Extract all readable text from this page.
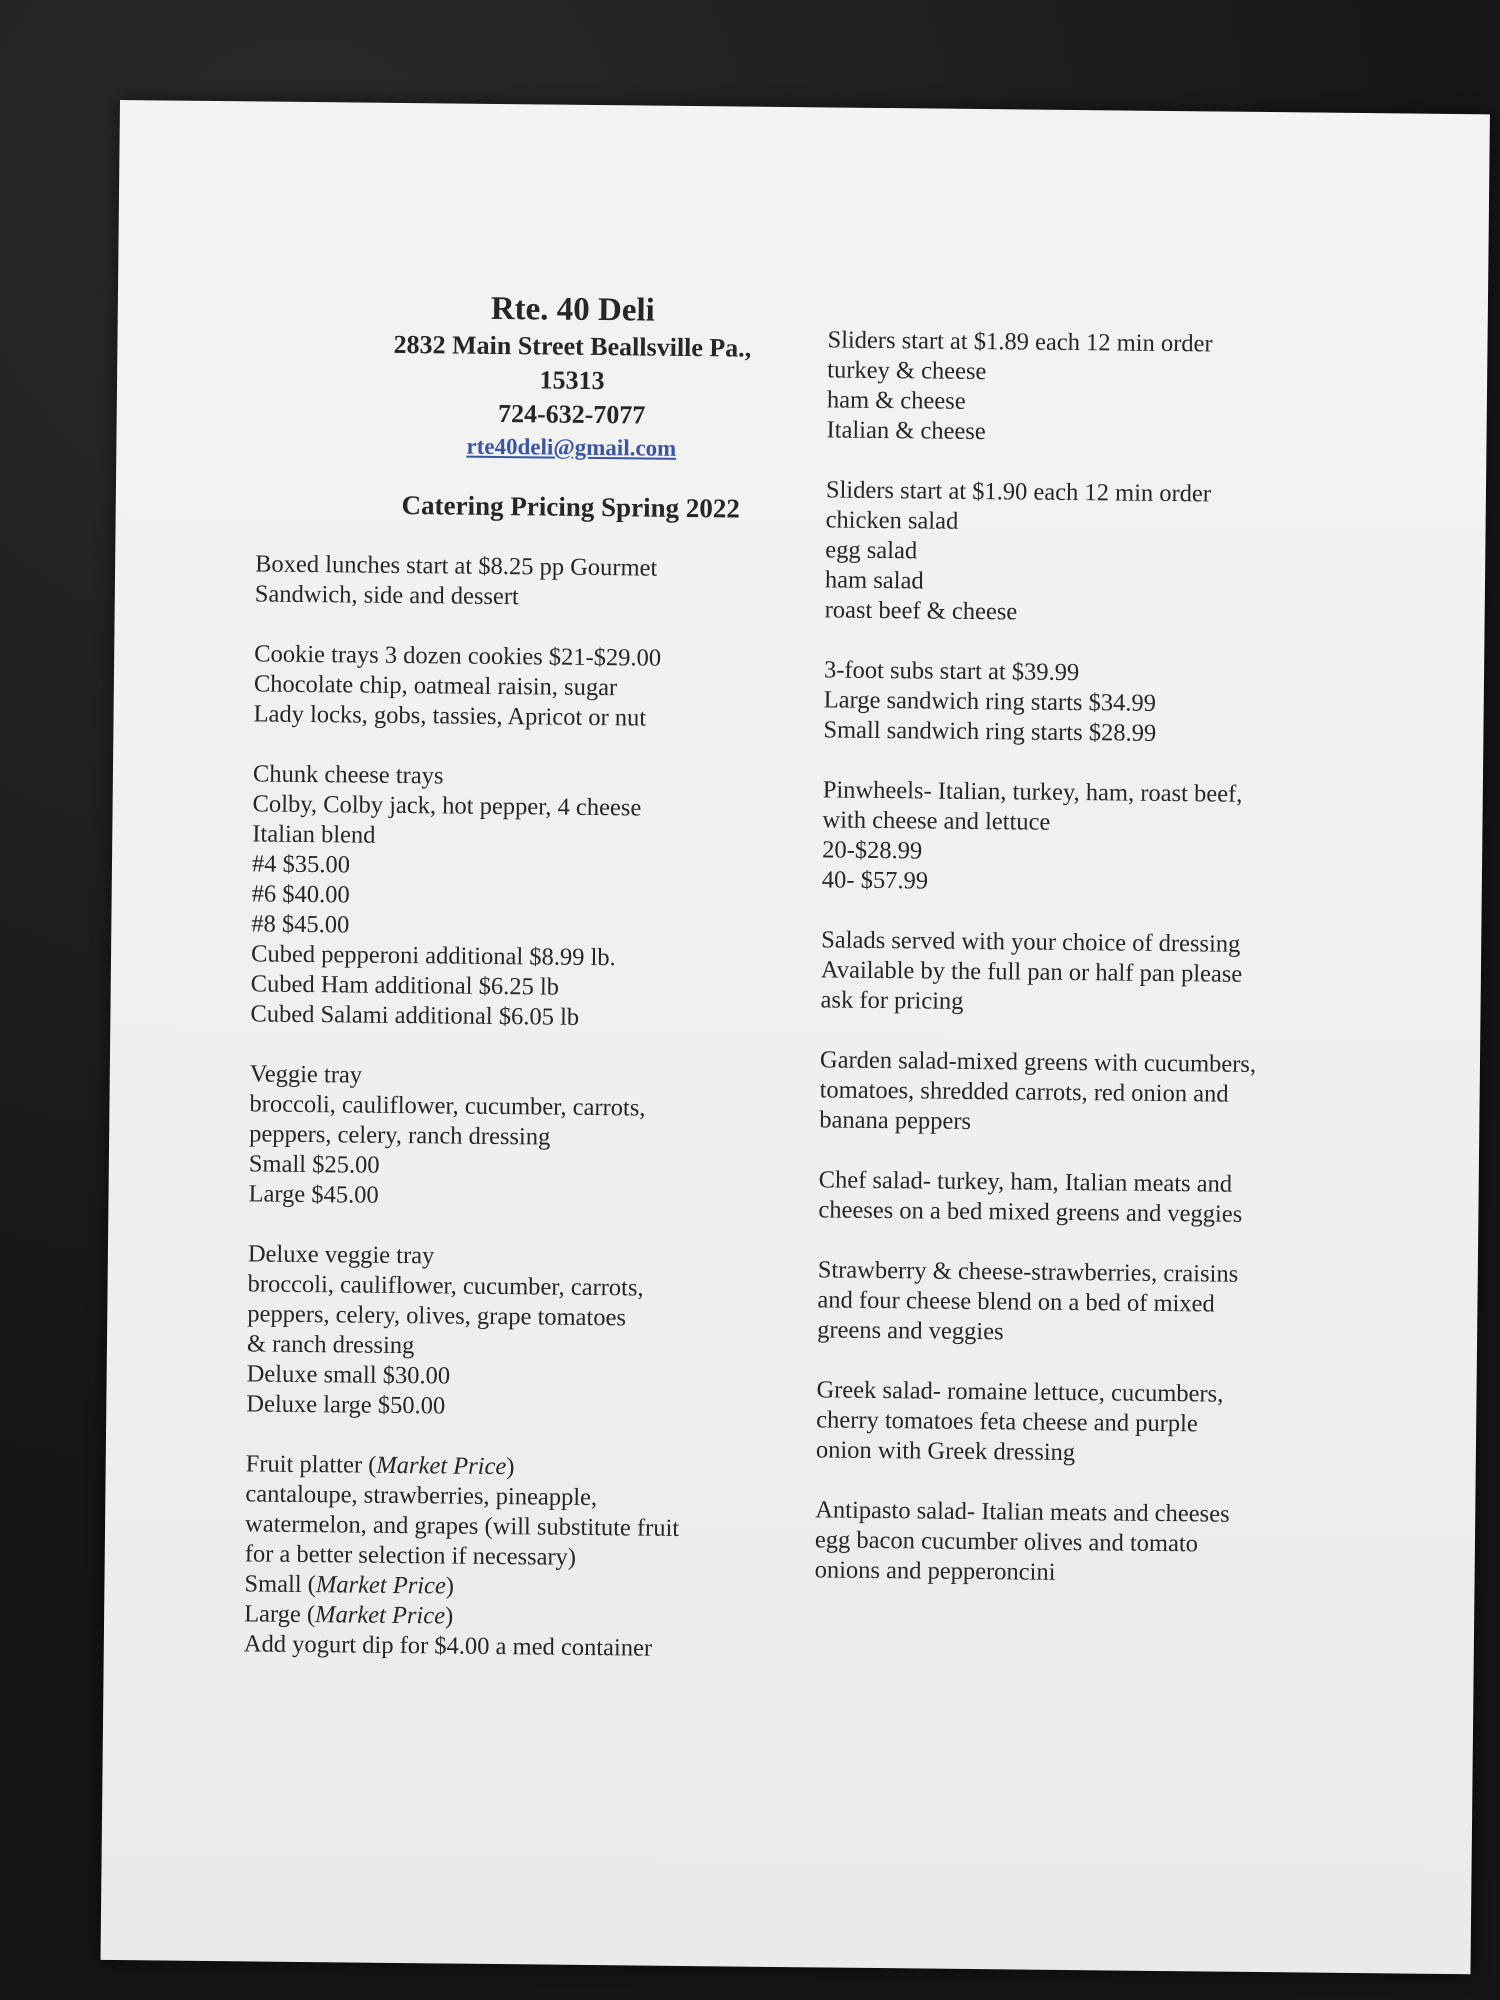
Rte. 40 Deli
2832 Main Street Beallsville Pa.,
15313
724-632-7077
rte40deli@gmail.com
Catering Pricing Spring 2022
Boxed lunches start at $8.25 pp Gourmet
Sandwich, side and dessert
Cookie trays 3 dozen cookies $21-$29.00
Chocolate chip, oatmeal raisin, sugar
Lady locks, gobs, tassies, Apricot or nut
Chunk cheese trays
Colby, Colby jack, hot pepper, 4 cheese
Italian blend
#4 $35.00
#6 $40.00
#8 $45.00
Cubed pepperoni additional $8.99 lb.
Cubed Ham additional $6.25 lb
Cubed Salami additional $6.05 lb
Veggie tray
broccoli, cauliflower, cucumber, carrots,
peppers, celery, ranch dressing
Small $25.00
Large $45.00
Deluxe veggie tray
broccoli, cauliflower, cucumber, carrots,
peppers, celery, olives, grape tomatoes
& ranch dressing
Deluxe small $30.00
Deluxe large $50.00
Fruit platter (Market Price)
cantaloupe, strawberries, pineapple,
watermelon, and grapes (will substitute fruit
for a better selection if necessary)
Small (Market Price)
Large (Market Price)
Add yogurt dip for $4.00 a med container
Sliders start at $1.89 each 12 min order
turkey & cheese
ham & cheese
Italian & cheese
Sliders start at $1.90 each 12 min order
chicken salad
egg salad
ham salad
roast beef & cheese
3-foot subs start at $39.99
Large sandwich ring starts $34.99
Small sandwich ring starts $28.99
Pinwheels- Italian, turkey, ham, roast beef,
with cheese and lettuce
20-$28.99
40- $57.99
Salads served with your choice of dressing
Available by the full pan or half pan please
ask for pricing
Garden salad-mixed greens with cucumbers,
tomatoes, shredded carrots, red onion and
banana peppers
Chef salad- turkey, ham, Italian meats and
cheeses on a bed mixed greens and veggies
Strawberry & cheese-strawberries, craisins
and four cheese blend on a bed of mixed
greens and veggies
Greek salad- romaine lettuce, cucumbers,
cherry tomatoes feta cheese and purple
onion with Greek dressing
Antipasto salad- Italian meats and cheeses
egg bacon cucumber olives and tomato
onions and pepperoncini
